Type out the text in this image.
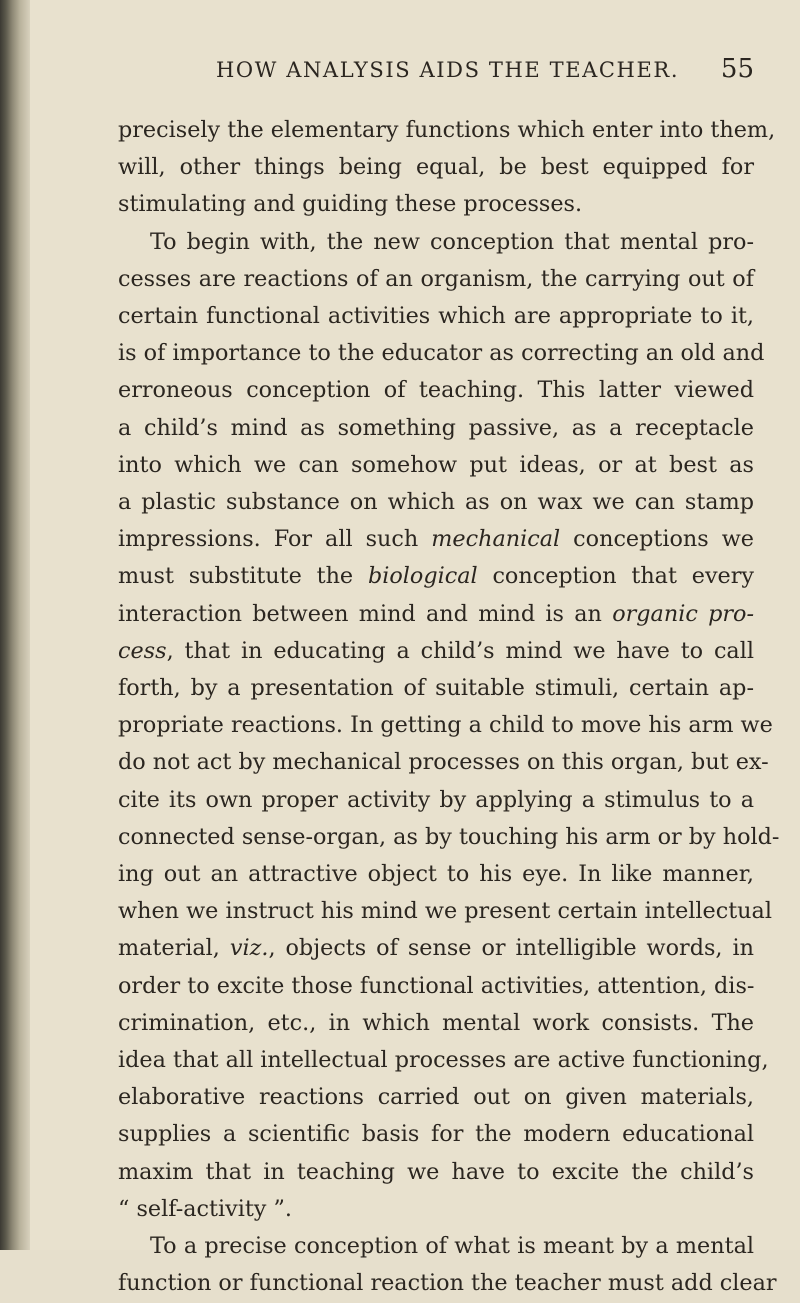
HOW ANALYSIS AIDS THE TEACHER. 55
precisely the elementary functions which enter into them,
will, other things being equal, be best equipped for
stimulating and guiding these processes.
To begin with, the new conception that mental pro-
cesses are reactions of an organism, the carrying out of
certain functional activities which are appropriate to it,
is of importance to the educator as correcting an old and
erroneous conception of teaching. This latter viewed
a child’s mind as something passive, as a receptacle
into which we can somehow put ideas, or at best as
a plastic substance on which as on wax we can stamp
impressions. For all such mechanical conceptions we
must substitute the biological conception that every
interaction between mind and mind is an organic pro-
cess, that in educating a child’s mind we have to call
forth, by a presentation of suitable stimuli, certain ap-
propriate reactions. In getting a child to move his arm we
do not act by mechanical processes on this organ, but ex-
cite its own proper activity by applying a stimulus to a
connected sense-organ, as by touching his arm or by hold-
ing out an attractive object to his eye. In like manner,
when we instruct his mind we present certain intellectual
material, viz., objects of sense or intelligible words, in
order to excite those functional activities, attention, dis-
crimination, etc., in which mental work consists. The
idea that all intellectual processes are active functioning,
elaborative reactions carried out on given materials,
supplies a scientific basis for the modern educational
maxim that in teaching we have to excite the child’s
“ self-activity ”.
To a precise conception of what is meant by a mental
function or functional reaction the teacher must add clear
